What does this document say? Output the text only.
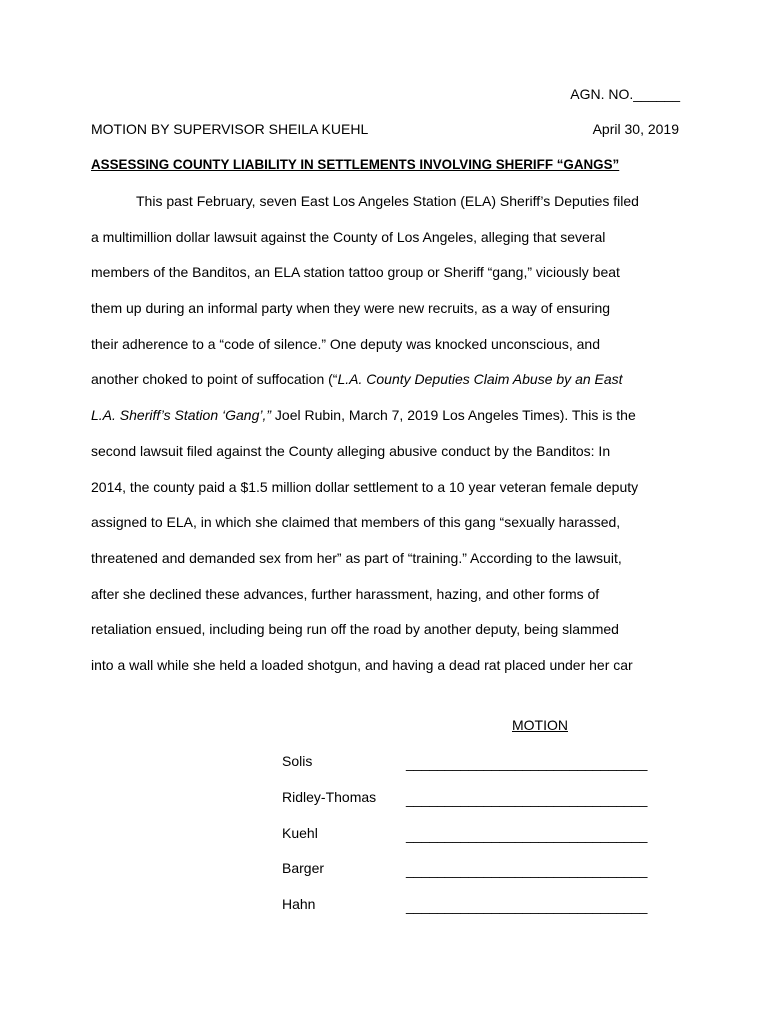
AGN. NO.______
MOTION BY SUPERVISOR SHEILA KUEHL	April 30, 2019
ASSESSING COUNTY LIABILITY IN SETTLEMENTS INVOLVING SHERIFF “GANGS”
This past February, seven East Los Angeles Station (ELA) Sheriff’s Deputies filed
a multimillion dollar lawsuit against the County of Los Angeles, alleging that several
members of the Banditos, an ELA station tattoo group or Sheriff “gang,” viciously beat
them up during an informal party when they were new recruits, as a way of ensuring
their adherence to a “code of silence.” One deputy was knocked unconscious, and
another choked to point of suffocation (“L.A. County Deputies Claim Abuse by an East
L.A. Sheriff’s Station ‘Gang’,” Joel Rubin, March 7, 2019 Los Angeles Times). This is the
second lawsuit filed against the County alleging abusive conduct by the Banditos: In
2014, the county paid a $1.5 million dollar settlement to a 10 year veteran female deputy
assigned to ELA, in which she claimed that members of this gang “sexually harassed,
threatened and demanded sex from her” as part of “training.” According to the lawsuit,
after she declined these advances, further harassment, hazing, and other forms of
retaliation ensued, including being run off the road by another deputy, being slammed
into a wall while she held a loaded shotgun, and having a dead rat placed under her car
MOTION
Solis	_______________________________
Ridley-Thomas _______________________________
Kuehl	_______________________________
Barger	_______________________________
Hahn	_______________________________
